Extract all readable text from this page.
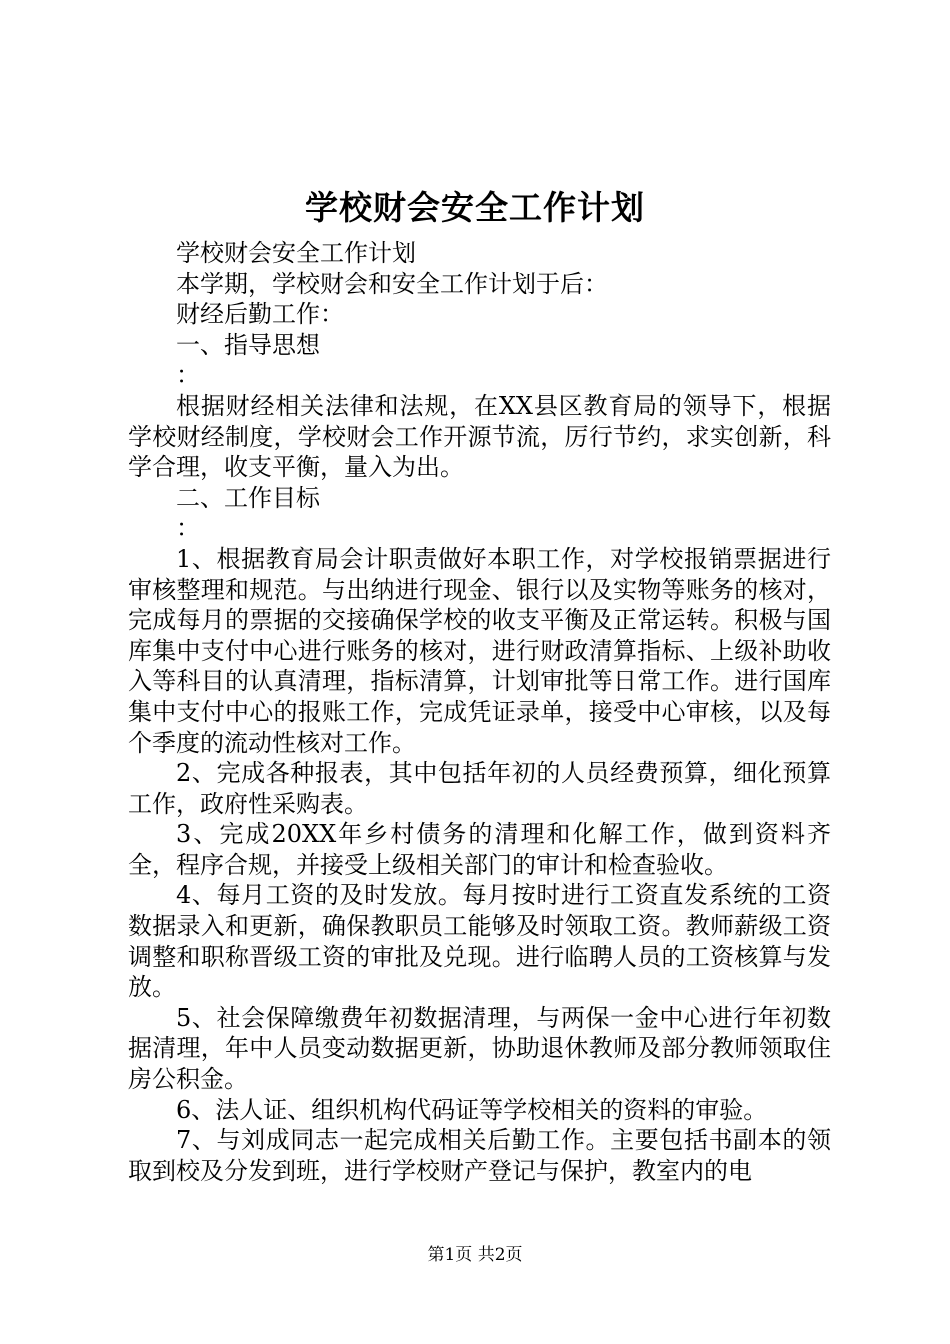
学校财会安全工作计划

学校财会安全工作计划

本学期，学校财会和安全工作计划于后：

财经后勤工作：

一、指导思想

：

根据财经相关法律和法规，在XX县区教育局的领导下，根据学校财经制度，学校财会工作开源节流，厉行节约，求实创新，科学合理，收支平衡，量入为出。

二、工作目标

：

1、根据教育局会计职责做好本职工作，对学校报销票据进行审核整理和规范。与出纳进行现金、银行以及实物等账务的核对，完成每月的票据的交接确保学校的收支平衡及正常运转。积极与国库集中支付中心进行账务的核对，进行财政清算指标、上级补助收入等科目的认真清理，指标清算，计划审批等日常工作。进行国库集中支付中心的报账工作，完成凭证录单，接受中心审核，以及每个季度的流动性核对工作。

2、完成各种报表，其中包括年初的人员经费预算，细化预算工作，政府性采购表。

3、完成20XX年乡村债务的清理和化解工作，做到资料齐全，程序合规，并接受上级相关部门的审计和检查验收。

4、每月工资的及时发放。每月按时进行工资直发系统的工资数据录入和更新，确保教职员工能够及时领取工资。教师薪级工资调整和职称晋级工资的审批及兑现。进行临聘人员的工资核算与发放。

5、社会保障缴费年初数据清理，与两保一金中心进行年初数据清理，年中人员变动数据更新，协助退休教师及部分教师领取住房公积金。

6、法人证、组织机构代码证等学校相关的资料的审验。

7、与刘成同志一起完成相关后勤工作。主要包括书副本的领取到校及分发到班，进行学校财产登记与保护，教室内的电

第1页 共2页
